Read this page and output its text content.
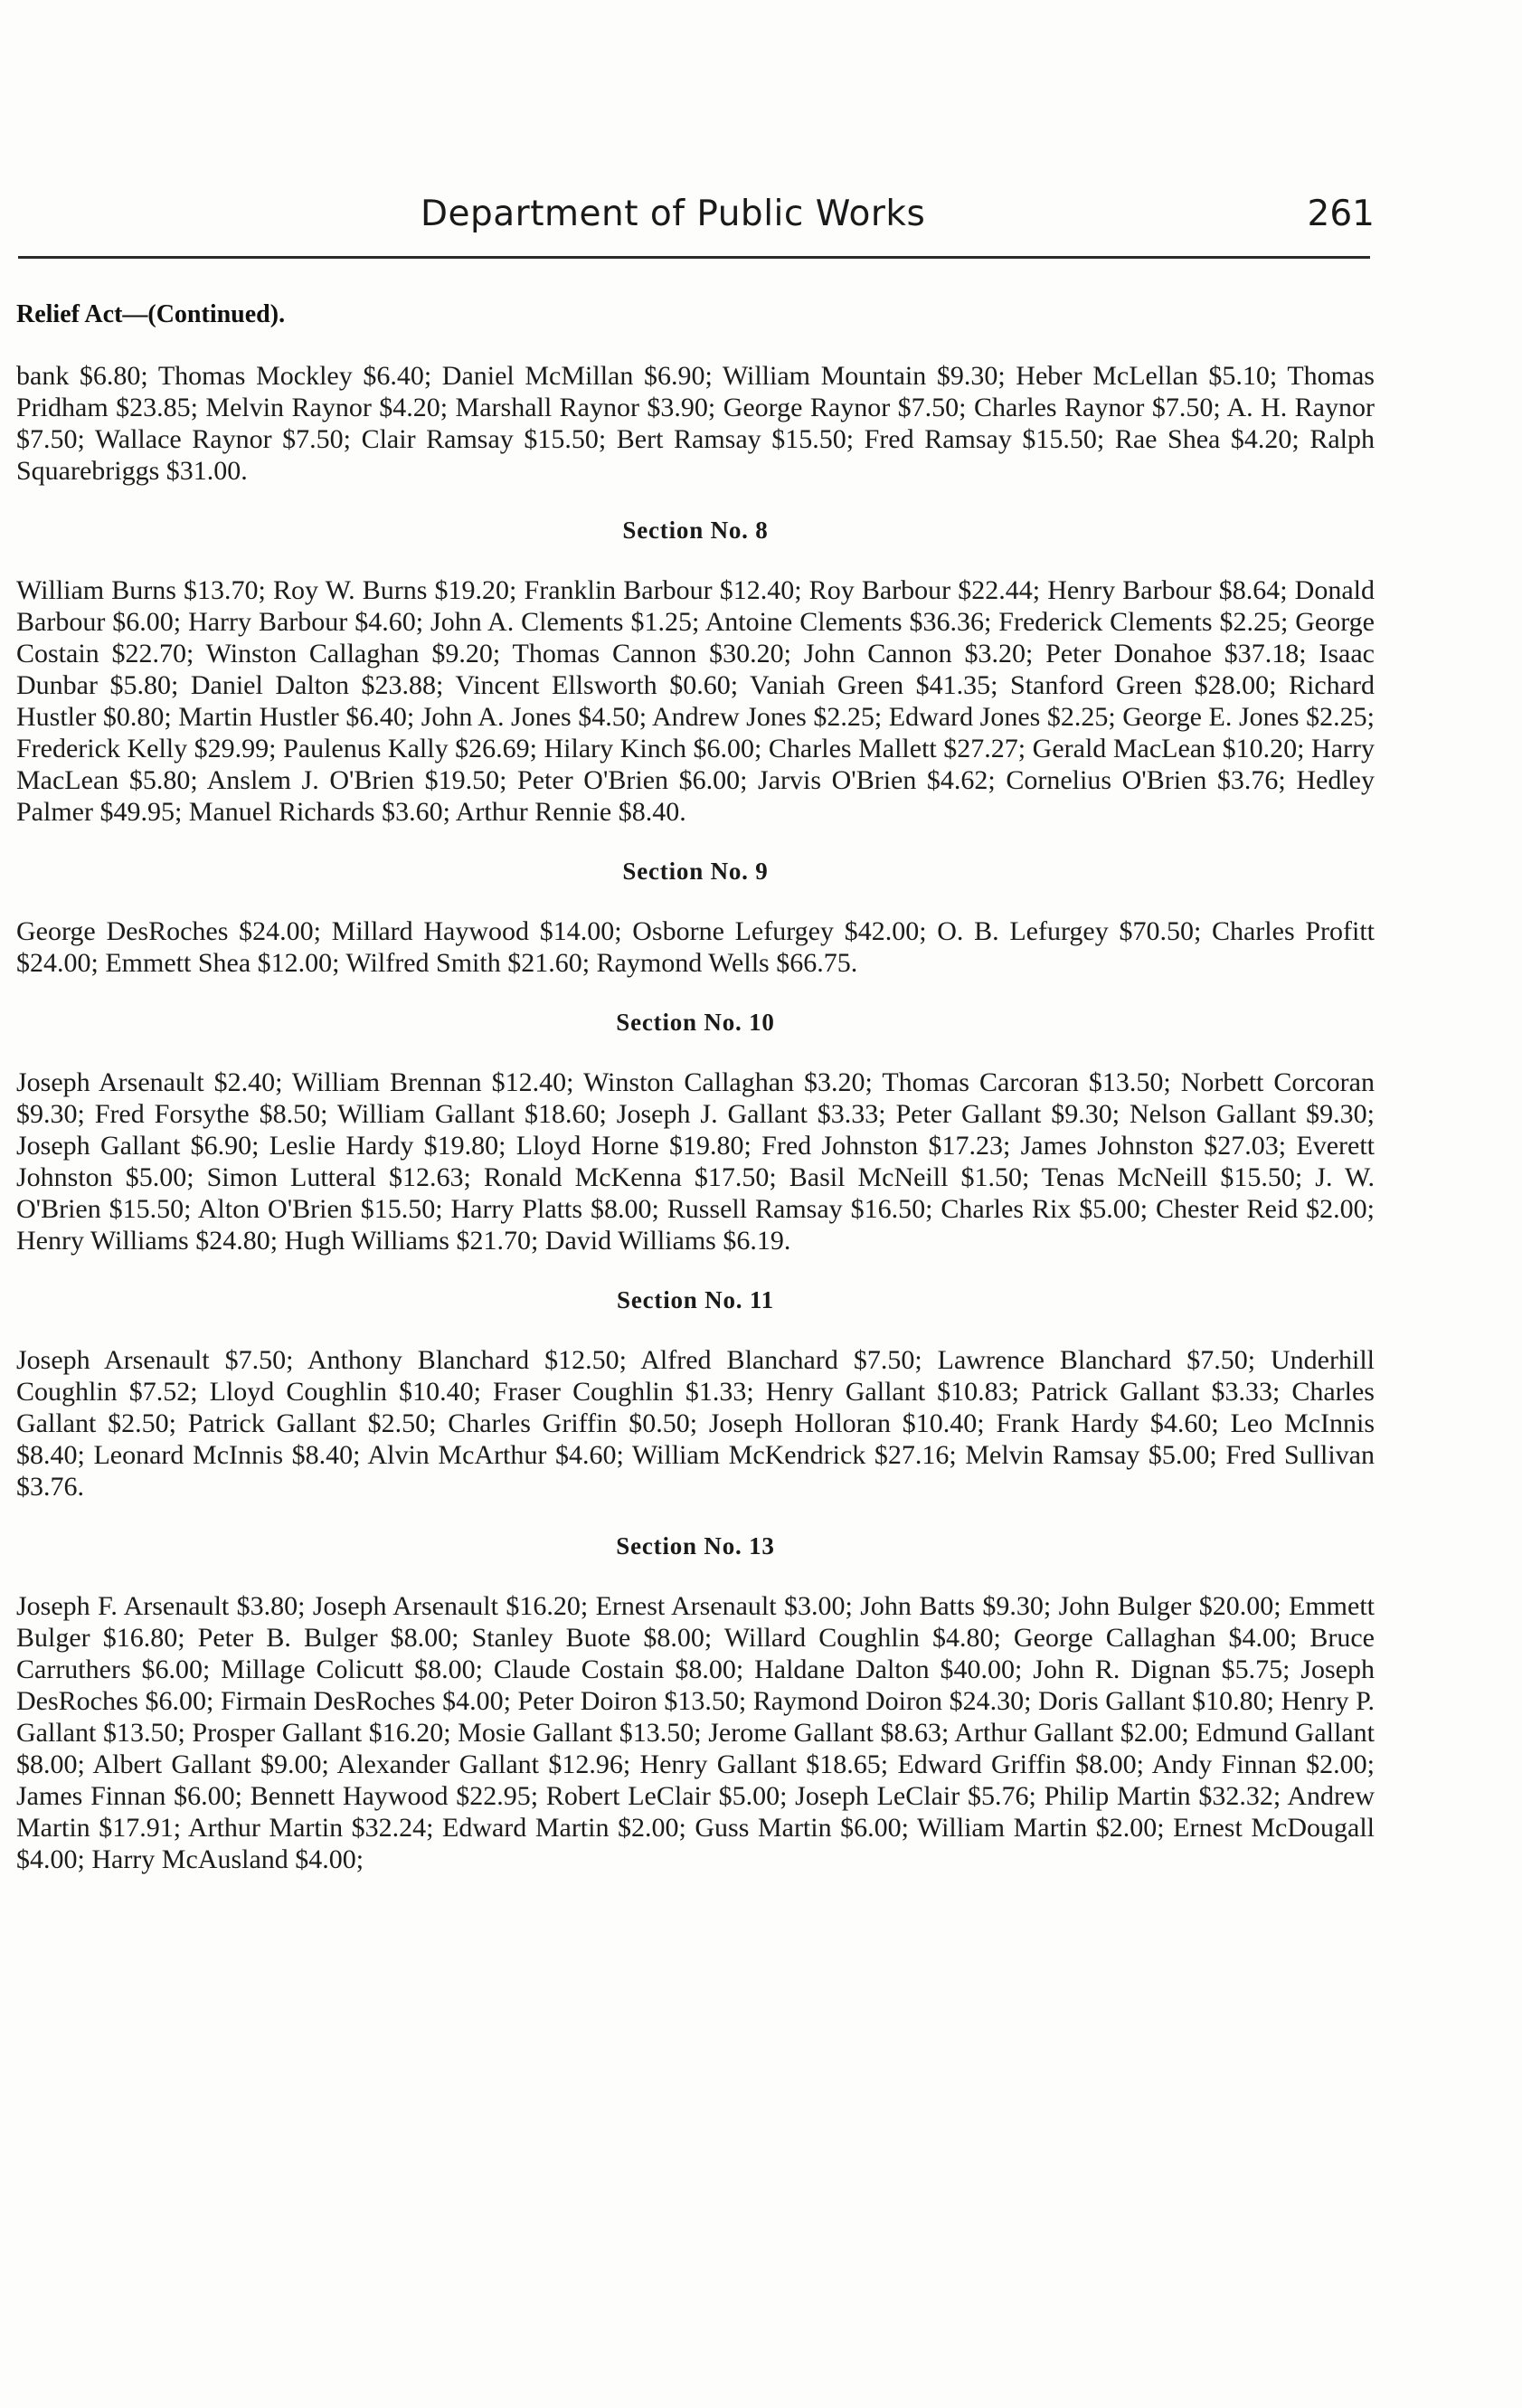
Department of Public Works	261
Relief Act—(Continued).

bank $6.80; Thomas Mockley $6.40; Daniel McMillan $6.90; William Mountain $9.30; Heber McLellan $5.10; Thomas Pridham $23.85; Melvin Raynor $4.20; Marshall Raynor $3.90; George Raynor $7.50; Charles Raynor $7.50; A. H. Raynor $7.50; Wallace Raynor $7.50; Clair Ramsay $15.50; Bert Ramsay $15.50; Fred Ramsay $15.50; Rae Shea $4.20; Ralph Squarebriggs $31.00.

Section No. 8

William Burns $13.70; Roy W. Burns $19.20; Franklin Barbour $12.40; Roy Barbour $22.44; Henry Barbour $8.64; Donald Barbour $6.00; Harry Barbour $4.60; John A. Clements $1.25; Antoine Clements $36.36; Frederick Clements $2.25; George Costain $22.70; Winston Callaghan $9.20; Thomas Cannon $30.20; John Cannon $3.20; Peter Donahoe $37.18; Isaac Dunbar $5.80; Daniel Dalton $23.88; Vincent Ellsworth $0.60; Vaniah Green $41.35; Stanford Green $28.00; Richard Hustler $0.80; Martin Hustler $6.40; John A. Jones $4.50; Andrew Jones $2.25; Edward Jones $2.25; George E. Jones $2.25; Frederick Kelly $29.99; Paulenus Kally $26.69; Hilary Kinch $6.00; Charles Mallett $27.27; Gerald MacLean $10.20; Harry MacLean $5.80; Anslem J. O'Brien $19.50; Peter O'Brien $6.00; Jarvis O'Brien $4.62; Cornelius O'Brien $3.76; Hedley Palmer $49.95; Manuel Richards $3.60; Arthur Rennie $8.40.

Section No. 9

George DesRoches $24.00; Millard Haywood $14.00; Osborne Lefurgey $42.00; O. B. Lefurgey $70.50; Charles Profitt $24.00; Emmett Shea $12.00; Wilfred Smith $21.60; Raymond Wells $66.75.

Section No. 10

Joseph Arsenault $2.40; William Brennan $12.40; Winston Callaghan $3.20; Thomas Carcoran $13.50; Norbett Corcoran $9.30; Fred Forsythe $8.50; William Gallant $18.60; Joseph J. Gallant $3.33; Peter Gallant $9.30; Nelson Gallant $9.30; Joseph Gallant $6.90; Leslie Hardy $19.80; Lloyd Horne $19.80; Fred Johnston $17.23; James Johnston $27.03; Everett Johnston $5.00; Simon Lutteral $12.63; Ronald McKenna $17.50; Basil McNeill $1.50; Tenas McNeill $15.50; J. W. O'Brien $15.50; Alton O'Brien $15.50; Harry Platts $8.00; Russell Ramsay $16.50; Charles Rix $5.00; Chester Reid $2.00; Henry Williams $24.80; Hugh Williams $21.70; David Williams $6.19.

Section No. 11

Joseph Arsenault $7.50; Anthony Blanchard $12.50; Alfred Blanchard $7.50; Lawrence Blanchard $7.50; Underhill Coughlin $7.52; Lloyd Coughlin $10.40; Fraser Coughlin $1.33; Henry Gallant $10.83; Patrick Gallant $3.33; Charles Gallant $2.50; Patrick Gallant $2.50; Charles Griffin $0.50; Joseph Holloran $10.40; Frank Hardy $4.60; Leo McInnis $8.40; Leonard McInnis $8.40; Alvin McArthur $4.60; William McKendrick $27.16; Melvin Ramsay $5.00; Fred Sullivan $3.76.

Section No. 13

Joseph F. Arsenault $3.80; Joseph Arsenault $16.20; Ernest Arsenault $3.00; John Batts $9.30; John Bulger $20.00; Emmett Bulger $16.80; Peter B. Bulger $8.00; Stanley Buote $8.00; Willard Coughlin $4.80; George Callaghan $4.00; Bruce Carruthers $6.00; Millage Colicutt $8.00; Claude Costain $8.00; Haldane Dalton $40.00; John R. Dignan $5.75; Joseph DesRoches $6.00; Firmain DesRoches $4.00; Peter Doiron $13.50; Raymond Doiron $24.30; Doris Gallant $10.80; Henry P. Gallant $13.50; Prosper Gallant $16.20; Mosie Gallant $13.50; Jerome Gallant $8.63; Arthur Gallant $2.00; Edmund Gallant $8.00; Albert Gallant $9.00; Alexander Gallant $12.96; Henry Gallant $18.65; Edward Griffin $8.00; Andy Finnan $2.00; James Finnan $6.00; Bennett Haywood $22.95; Robert LeClair $5.00; Joseph LeClair $5.76; Philip Martin $32.32; Andrew Martin $17.91; Arthur Martin $32.24; Edward Martin $2.00; Guss Martin $6.00; William Martin $2.00; Ernest McDougall $4.00; Harry McAusland $4.00;
